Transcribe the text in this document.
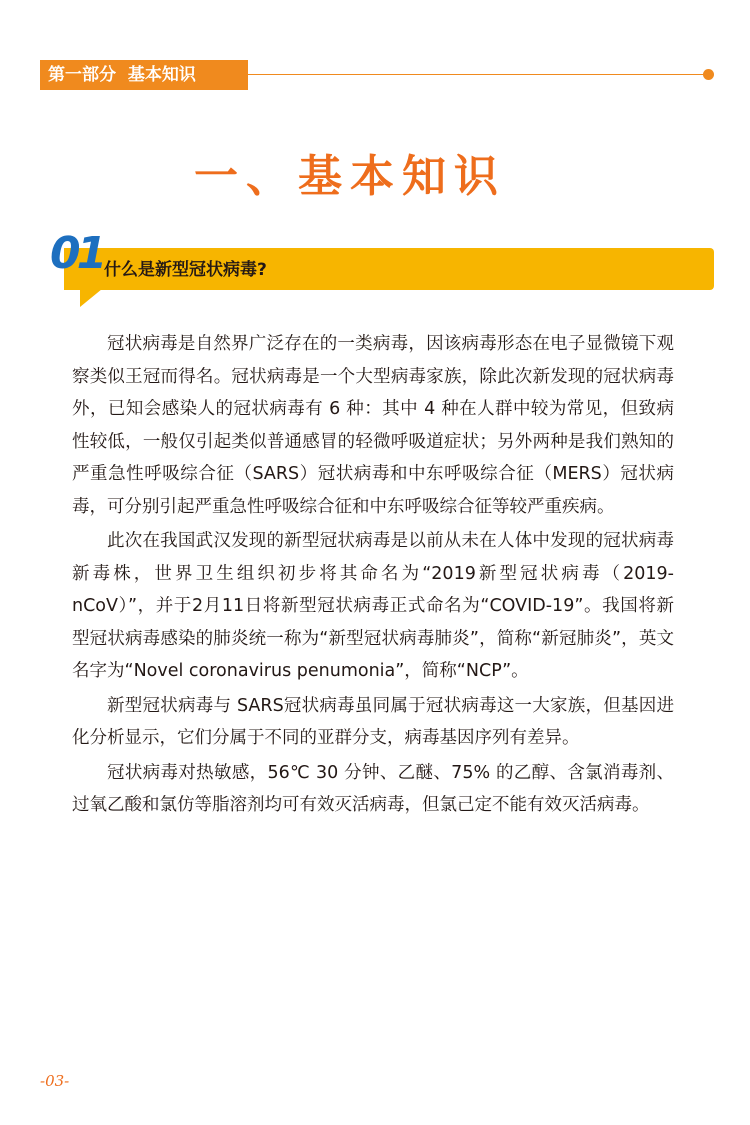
第一部分  基本知识
一、基本知识
01 什么是新型冠状病毒?

冠状病毒是自然界广泛存在的一类病毒，因该病毒形态在电子显微镜下观察类似王冠而得名。冠状病毒是一个大型病毒家族，除此次新发现的冠状病毒外，已知会感染人的冠状病毒有 6 种：其中 4 种在人群中较为常见，但致病性较低，一般仅引起类似普通感冒的轻微呼吸道症状；另外两种是我们熟知的严重急性呼吸综合征（SARS）冠状病毒和中东呼吸综合征（MERS）冠状病毒，可分别引起严重急性呼吸综合征和中东呼吸综合征等较严重疾病。

此次在我国武汉发现的新型冠状病毒是以前从未在人体中发现的冠状病毒新毒株，世界卫生组织初步将其命名为“2019新型冠状病毒（2019-nCoV）”，并于2月11日将新型冠状病毒正式命名为“COVID-19”。我国将新型冠状病毒感染的肺炎统一称为“新型冠状病毒肺炎”，简称“新冠肺炎”，英文名字为“Novel coronavirus penumonia”，简称“NCP”。

新型冠状病毒与 SARS冠状病毒虽同属于冠状病毒这一大家族，但基因进化分析显示，它们分属于不同的亚群分支，病毒基因序列有差异。

冠状病毒对热敏感，56℃ 30 分钟、乙醚、75% 的乙醇、含氯消毒剂、过氧乙酸和氯仿等脂溶剂均可有效灭活病毒，但氯己定不能有效灭活病毒。

-03-
